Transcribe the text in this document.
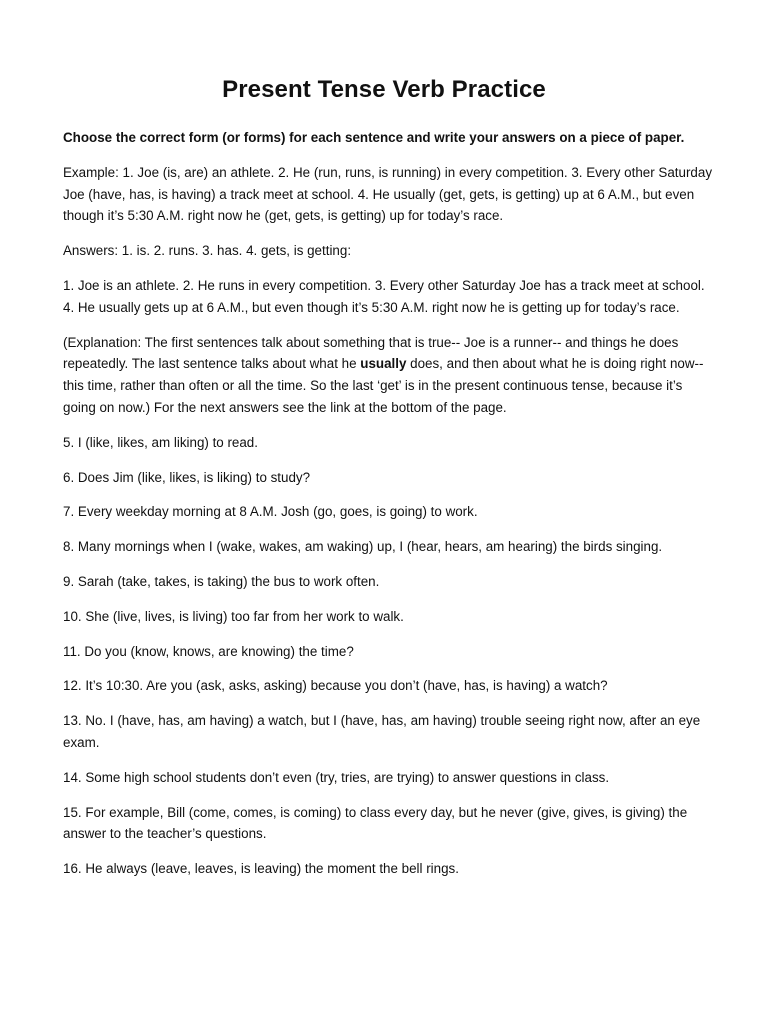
Present Tense Verb Practice

Choose the correct form (or forms) for each sentence and write your answers on a piece of paper.

Example: 1. Joe (is, are) an athlete. 2. He (run, runs, is running) in every competition. 3. Every other Saturday Joe (have, has, is having) a track meet at school. 4. He usually (get, gets, is getting) up at 6 A.M., but even though it’s 5:30 A.M. right now he (get, gets, is getting) up for today’s race.

Answers: 1. is. 2. runs. 3. has. 4. gets, is getting:

1. Joe is an athlete. 2. He runs in every competition. 3. Every other Saturday Joe has a track meet at school. 4. He usually gets up at 6 A.M., but even though it’s 5:30 A.M. right now he is getting up for today’s race.

(Explanation: The first sentences talk about something that is true-- Joe is a runner-- and things he does repeatedly. The last sentence talks about what he usually does, and then about what he is doing right now-- this time, rather than often or all the time. So the last ‘get’ is in the present continuous tense, because it’s going on now.) For the next answers see the link at the bottom of the page.

5. I (like, likes, am liking) to read.

6. Does Jim (like, likes, is liking) to study?

7. Every weekday morning at 8 A.M. Josh (go, goes, is going) to work.

8. Many mornings when I (wake, wakes, am waking) up, I (hear, hears, am hearing) the birds singing.

9. Sarah (take, takes, is taking) the bus to work often.

10. She (live, lives, is living) too far from her work to walk.

11. Do you (know, knows, are knowing) the time?

12. It’s 10:30. Are you (ask, asks, asking) because you don’t (have, has, is having) a watch?

13. No. I (have, has, am having) a watch, but I (have, has, am having) trouble seeing right now, after an eye exam.

14. Some high school students don’t even (try, tries, are trying) to answer questions in class.

15. For example, Bill (come, comes, is coming) to class every day, but he never (give, gives, is giving) the answer to the teacher’s questions.

16. He always (leave, leaves, is leaving) the moment the bell rings.
